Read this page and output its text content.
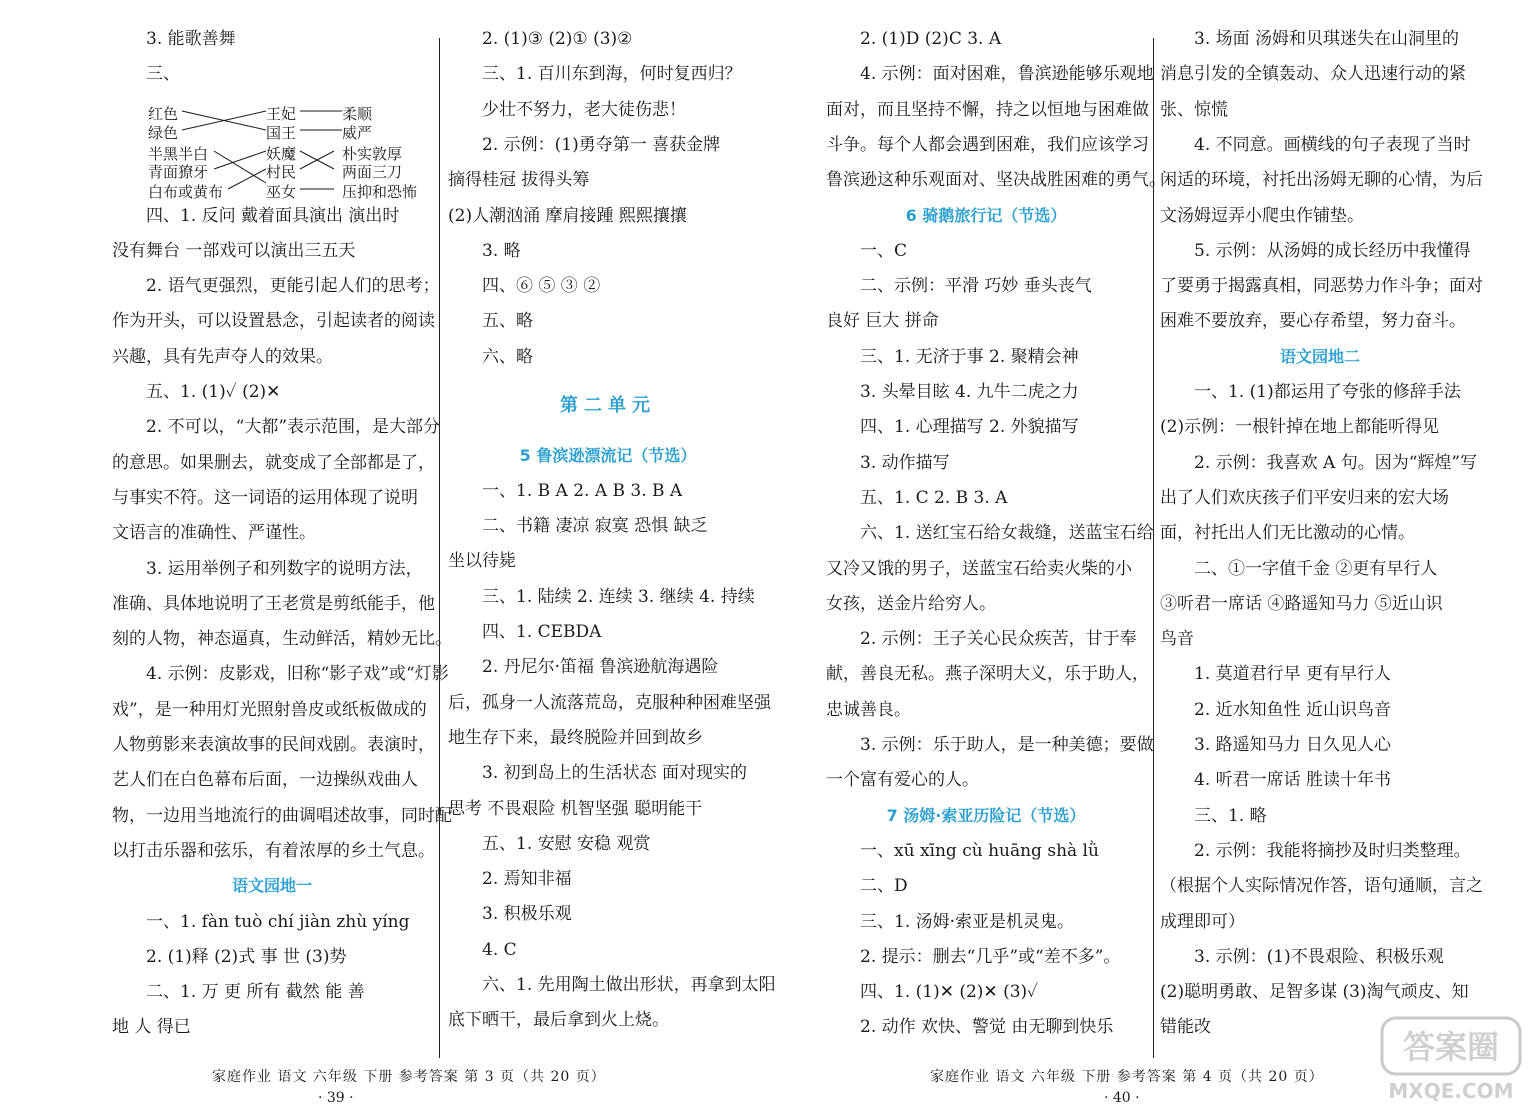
3. 能歌善舞
三、
四、1. 反问 戴着面具演出 演出时
没有舞台 一部戏可以演出三五天
2. 语气更强烈，更能引起人们的思考；
作为开头，可以设置悬念，引起读者的阅读
兴趣，具有先声夺人的效果。
五、1. (1)✓ (2)✕
2. 不可以，“大都”表示范围，是大部分
的意思。如果删去，就变成了全部都是了，
与事实不符。这一词语的运用体现了说明
文语言的准确性、严谨性。
3. 运用举例子和列数字的说明方法，
准确、具体地说明了王老赏是剪纸能手，他
刻的人物，神态逼真，生动鲜活，精妙无比。
4. 示例：皮影戏，旧称“影子戏”或“灯影
戏”，是一种用灯光照射兽皮或纸板做成的
人物剪影来表演故事的民间戏剧。表演时，
艺人们在白色幕布后面，一边操纵戏曲人
物，一边用当地流行的曲调唱述故事，同时配
以打击乐器和弦乐，有着浓厚的乡土气息。
语文园地一
一、1. fàn tuò chí jiàn zhù yíng
2. (1)释 (2)式 事 世 (3)势
二、1. 万 更 所有 截然 能 善
地 人 得已
2. (1)③ (2)① (3)②
三、1. 百川东到海，何时复西归？
少壮不努力，老大徒伤悲！
2. 示例：(1)勇夺第一 喜获金牌
摘得桂冠 拔得头筹
(2)人潮汹涌 摩肩接踵 熙熙攘攘
3. 略
四、⑥ ⑤ ③ ②
五、略
六、略
第二单元
5 鲁滨逊漂流记（节选）
一、1. B A 2. A B 3. B A
二、书籍 凄凉 寂寞 恐惧 缺乏
坐以待毙
三、1. 陆续 2. 连续 3. 继续 4. 持续
四、1. CEBDA
2. 丹尼尔·笛福 鲁滨逊航海遇险
后，孤身一人流落荒岛，克服种种困难坚强
地生存下来，最终脱险并回到故乡
3. 初到岛上的生活状态 面对现实的
思考 不畏艰险 机智坚强 聪明能干
五、1. 安慰 安稳 观赏
2. 焉知非福
3. 积极乐观
4. C
六、1. 先用陶土做出形状，再拿到太阳
底下晒干，最后拿到火上烧。
2. (1)D (2)C 3. A
4. 示例：面对困难，鲁滨逊能够乐观地
面对，而且坚持不懈，持之以恒地与困难做
斗争。每个人都会遇到困难，我们应该学习
鲁滨逊这种乐观面对、坚决战胜困难的勇气。
6 骑鹅旅行记（节选）
一、C
二、示例：平滑 巧妙 垂头丧气
良好 巨大 拼命
三、1. 无济于事 2. 聚精会神
3. 头晕目眩 4. 九牛二虎之力
四、1. 心理描写 2. 外貌描写
3. 动作描写
五、1. C 2. B 3. A
六、1. 送红宝石给女裁缝，送蓝宝石给
又冷又饿的男子，送蓝宝石给卖火柴的小
女孩，送金片给穷人。
2. 示例：王子关心民众疾苦，甘于奉
献，善良无私。燕子深明大义，乐于助人，
忠诚善良。
3. 示例：乐于助人，是一种美德；要做
一个富有爱心的人。
7 汤姆·索亚历险记（节选）
一、xū xīng cù huāng shà lǜ
二、D
三、1. 汤姆·索亚是机灵鬼。
2. 提示：删去“几乎”或“差不多”。
四、1. (1)✕ (2)✕ (3)✓
2. 动作 欢快、警觉 由无聊到快乐
3. 场面 汤姆和贝琪迷失在山洞里的
消息引发的全镇轰动、众人迅速行动的紧
张、惊慌
4. 不同意。画横线的句子表现了当时
闲适的环境，衬托出汤姆无聊的心情，为后
文汤姆逗弄小爬虫作铺垫。
5. 示例：从汤姆的成长经历中我懂得
了要勇于揭露真相，同恶势力作斗争；面对
困难不要放弃，要心存希望，努力奋斗。
语文园地二
一、1. (1)都运用了夸张的修辞手法
(2)示例：一根针掉在地上都能听得见
2. 示例：我喜欢 A 句。因为“辉煌”写
出了人们欢庆孩子们平安归来的宏大场
面，衬托出人们无比激动的心情。
二、①一字值千金 ②更有早行人
③听君一席话 ④路遥知马力 ⑤近山识
鸟音
1. 莫道君行早 更有早行人
2. 近水知鱼性 近山识鸟音
3. 路遥知马力 日久见人心
4. 听君一席话 胜读十年书
三、1. 略
2. 示例：我能将摘抄及时归类整理。
（根据个人实际情况作答，语句通顺，言之
成理即可）
3. 示例：(1)不畏艰险、积极乐观
(2)聪明勇敢、足智多谋 (3)淘气顽皮、知
错能改
红色
绿色
半黑半白
青面獠牙
白布或黄布
王妃
国王
妖魔
村民
巫女
柔顺
威严
朴实敦厚
两面三刀
压抑和恐怖
家庭作业 语文 六年级 下册 参考答案 第 3 页（共 20 页）
· 39 ·
家庭作业 语文 六年级 下册 参考答案 第 4 页（共 20 页）
· 40 ·
答案圈
MXQE.COM
